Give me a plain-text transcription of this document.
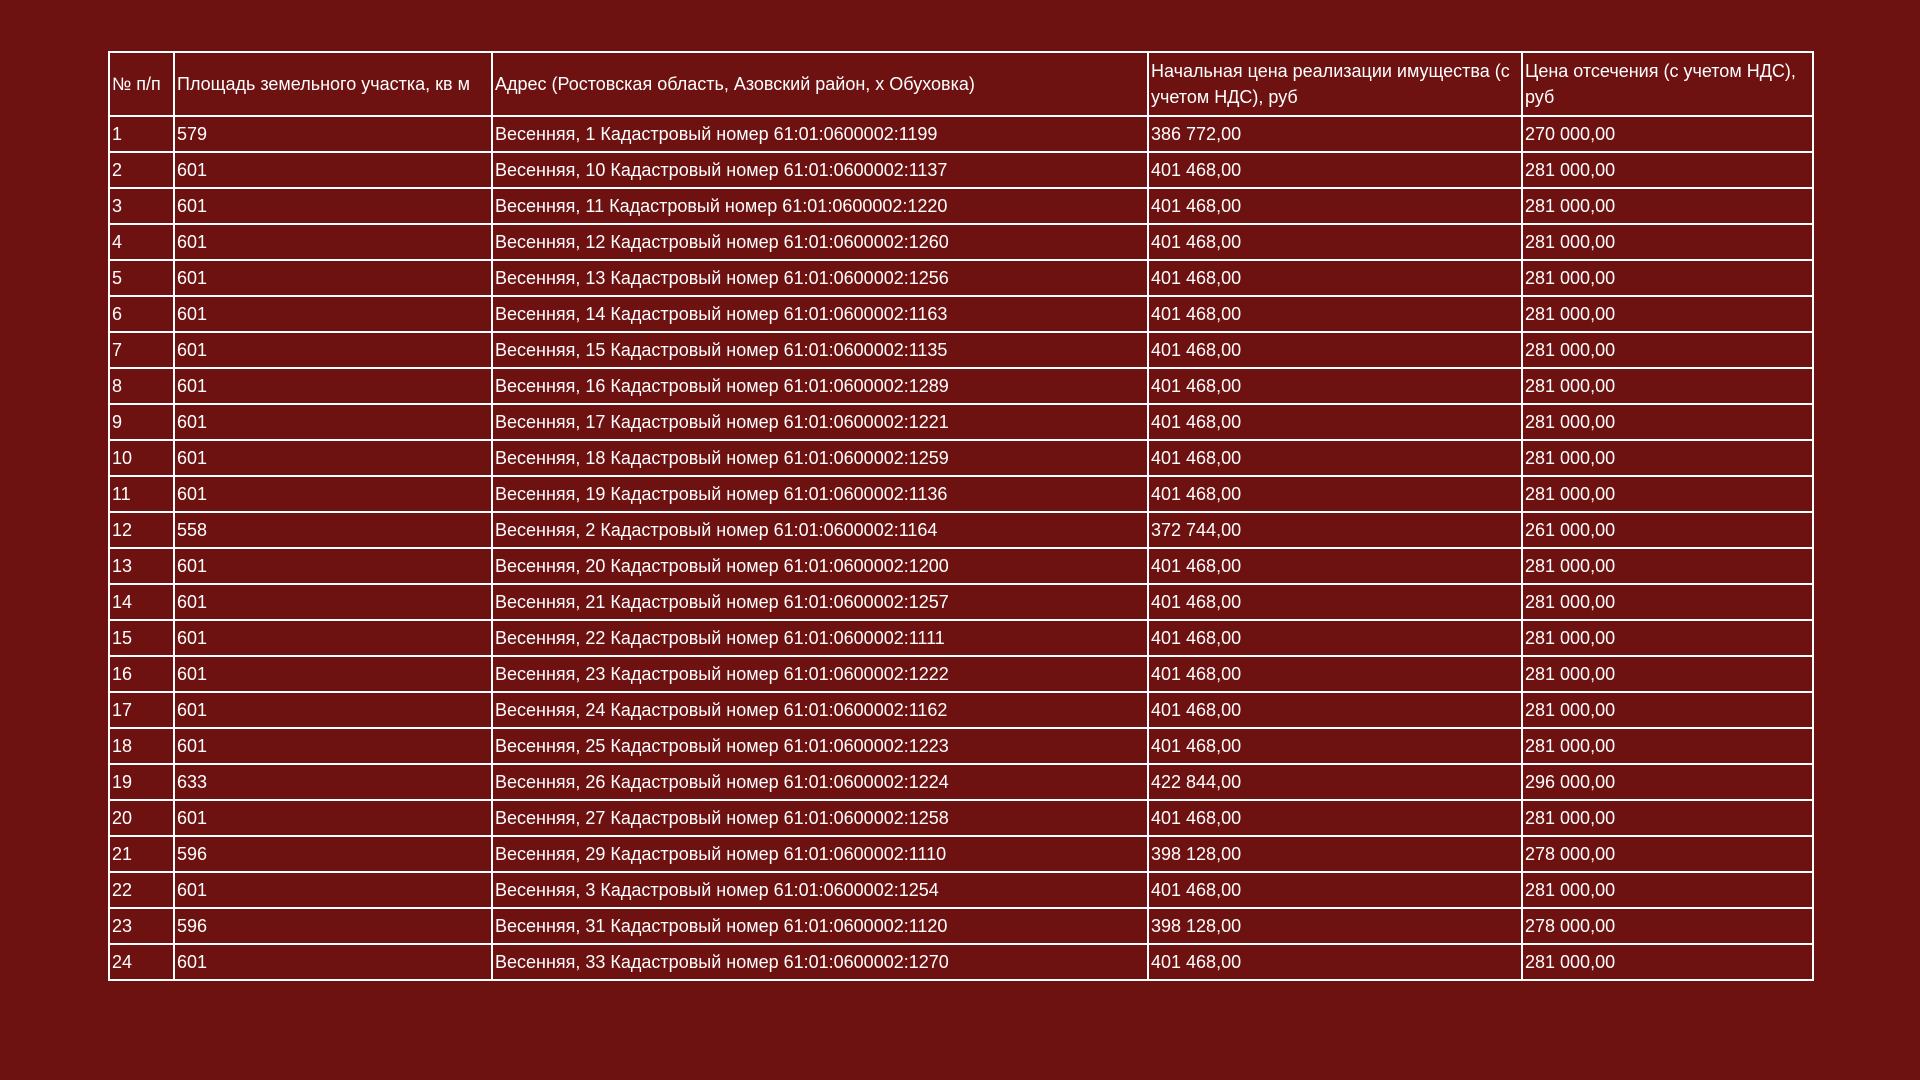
№ п/п	Площадь земельного участка, кв м	Адрес (Ростовская область, Азовский район, х Обуховка)	Начальная цена реализации имущества (с учетом НДС), руб	Цена отсечения (с учетом НДС), руб
1	579	Весенняя, 1 Кадастровый номер 61:01:0600002:1199	386 772,00	270 000,00
2	601	Весенняя, 10 Кадастровый номер 61:01:0600002:1137	401 468,00	281 000,00
3	601	Весенняя, 11 Кадастровый номер 61:01:0600002:1220	401 468,00	281 000,00
4	601	Весенняя, 12 Кадастровый номер 61:01:0600002:1260	401 468,00	281 000,00
5	601	Весенняя, 13 Кадастровый номер 61:01:0600002:1256	401 468,00	281 000,00
6	601	Весенняя, 14 Кадастровый номер 61:01:0600002:1163	401 468,00	281 000,00
7	601	Весенняя, 15 Кадастровый номер 61:01:0600002:1135	401 468,00	281 000,00
8	601	Весенняя, 16 Кадастровый номер 61:01:0600002:1289	401 468,00	281 000,00
9	601	Весенняя, 17 Кадастровый номер 61:01:0600002:1221	401 468,00	281 000,00
10	601	Весенняя, 18 Кадастровый номер 61:01:0600002:1259	401 468,00	281 000,00
11	601	Весенняя, 19 Кадастровый номер 61:01:0600002:1136	401 468,00	281 000,00
12	558	Весенняя, 2 Кадастровый номер 61:01:0600002:1164	372 744,00	261 000,00
13	601	Весенняя, 20 Кадастровый номер 61:01:0600002:1200	401 468,00	281 000,00
14	601	Весенняя, 21 Кадастровый номер 61:01:0600002:1257	401 468,00	281 000,00
15	601	Весенняя, 22 Кадастровый номер 61:01:0600002:1111	401 468,00	281 000,00
16	601	Весенняя, 23 Кадастровый номер 61:01:0600002:1222	401 468,00	281 000,00
17	601	Весенняя, 24 Кадастровый номер 61:01:0600002:1162	401 468,00	281 000,00
18	601	Весенняя, 25 Кадастровый номер 61:01:0600002:1223	401 468,00	281 000,00
19	633	Весенняя, 26 Кадастровый номер 61:01:0600002:1224	422 844,00	296 000,00
20	601	Весенняя, 27 Кадастровый номер 61:01:0600002:1258	401 468,00	281 000,00
21	596	Весенняя, 29 Кадастровый номер 61:01:0600002:1110	398 128,00	278 000,00
22	601	Весенняя, 3 Кадастровый номер 61:01:0600002:1254	401 468,00	281 000,00
23	596	Весенняя, 31 Кадастровый номер 61:01:0600002:1120	398 128,00	278 000,00
24	601	Весенняя, 33 Кадастровый номер 61:01:0600002:1270	401 468,00	281 000,00
